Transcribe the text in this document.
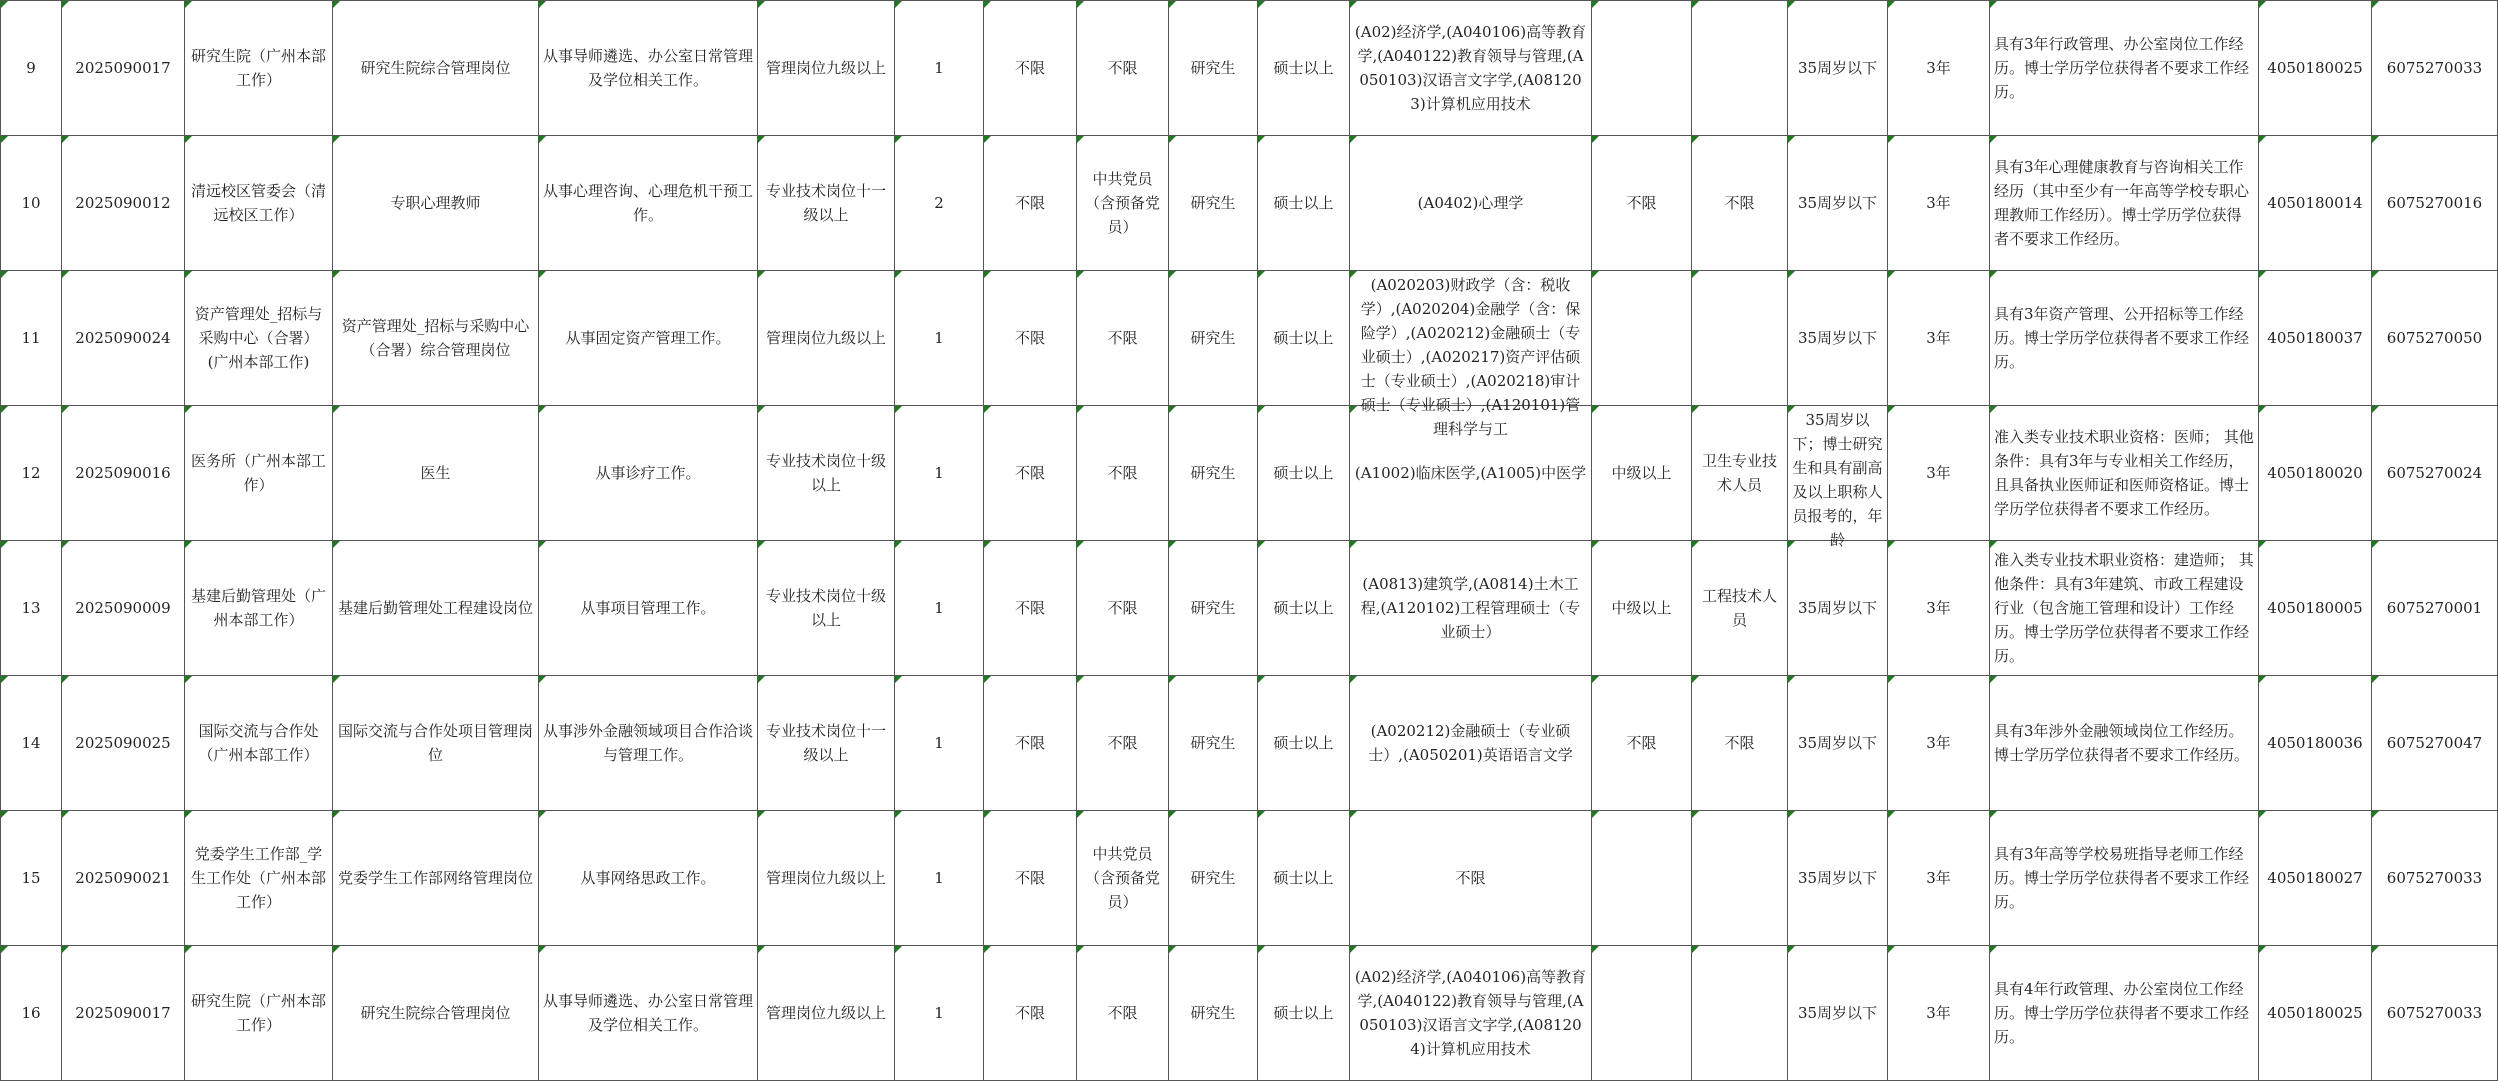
9	2025090017	研究生院（广州本部工作）	研究生院综合管理岗位	从事导师遴选、办公室日常管理及学位相关工作。	管理岗位九级以上	1	不限	不限	研究生	硕士以上	(A02)经济学,(A040106)高等教育学,(A040122)教育领导与管理,(A050103)汉语言文字学,(A081203)计算机应用技术			35周岁以下	3年	具有3年行政管理、办公室岗位工作经历。博士学历学位获得者不要求工作经历。	4050180025	6075270033

10	2025090012	清远校区管委会（清远校区工作）	专职心理教师	从事心理咨询、心理危机干预工作。	专业技术岗位十一级以上	2	不限	中共党员（含预备党员）	研究生	硕士以上	(A0402)心理学	不限	不限	35周岁以下	3年	具有3年心理健康教育与咨询相关工作经历（其中至少有一年高等学校专职心理教师工作经历）。博士学历学位获得者不要求工作经历。	4050180014	6075270016

11	2025090024	资产管理处_招标与采购中心（合署）(广州本部工作)	资产管理处_招标与采购中心（合署）综合管理岗位	从事固定资产管理工作。	管理岗位九级以上	1	不限	不限	研究生	硕士以上	(A020203)财政学（含：税收学）,(A020204)金融学（含：保险学）,(A020212)金融硕士（专业硕士）,(A020217)资产评估硕士（专业硕士）,(A020218)审计硕士（专业硕士）,(A120101)管理科学与工			35周岁以下	3年	具有3年资产管理、公开招标等工作经历。博士学历学位获得者不要求工作经历。	4050180037	6075270050

12	2025090016	医务所（广州本部工作）	医生	从事诊疗工作。	专业技术岗位十级以上	1	不限	不限	研究生	硕士以上	(A1002)临床医学,(A1005)中医学	中级以上	卫生专业技术人员	35周岁以下；博士研究生和具有副高及以上职称人员报考的，年龄	3年	准入类专业技术职业资格：医师； 其他条件：具有3年与专业相关工作经历，且具备执业医师证和医师资格证。博士学历学位获得者不要求工作经历。	4050180020	6075270024

13	2025090009	基建后勤管理处（广州本部工作）	基建后勤管理处工程建设岗位	从事项目管理工作。	专业技术岗位十级以上	1	不限	不限	研究生	硕士以上	(A0813)建筑学,(A0814)土木工程,(A120102)工程管理硕士（专业硕士）	中级以上	工程技术人员	35周岁以下	3年	准入类专业技术职业资格：建造师； 其他条件：具有3年建筑、市政工程建设行业（包含施工管理和设计）工作经历。博士学历学位获得者不要求工作经历。	4050180005	6075270001

14	2025090025	国际交流与合作处（广州本部工作）	国际交流与合作处项目管理岗位	从事涉外金融领域项目合作洽谈与管理工作。	专业技术岗位十一级以上	1	不限	不限	研究生	硕士以上	(A020212)金融硕士（专业硕士）,(A050201)英语语言文学	不限	不限	35周岁以下	3年	具有3年涉外金融领域岗位工作经历。博士学历学位获得者不要求工作经历。	4050180036	6075270047

15	2025090021	党委学生工作部_学生工作处（广州本部工作）	党委学生工作部网络管理岗位	从事网络思政工作。	管理岗位九级以上	1	不限	中共党员（含预备党员）	研究生	硕士以上	不限			35周岁以下	3年	具有3年高等学校易班指导老师工作经历。博士学历学位获得者不要求工作经历。	4050180027	6075270033

16	2025090017	研究生院（广州本部工作）	研究生院综合管理岗位	从事导师遴选、办公室日常管理及学位相关工作。	管理岗位九级以上	1	不限	不限	研究生	硕士以上	(A02)经济学,(A040106)高等教育学,(A040122)教育领导与管理,(A050103)汉语言文字学,(A081204)计算机应用技术			35周岁以下	3年	具有4年行政管理、办公室岗位工作经历。博士学历学位获得者不要求工作经历。	4050180025	6075270033
